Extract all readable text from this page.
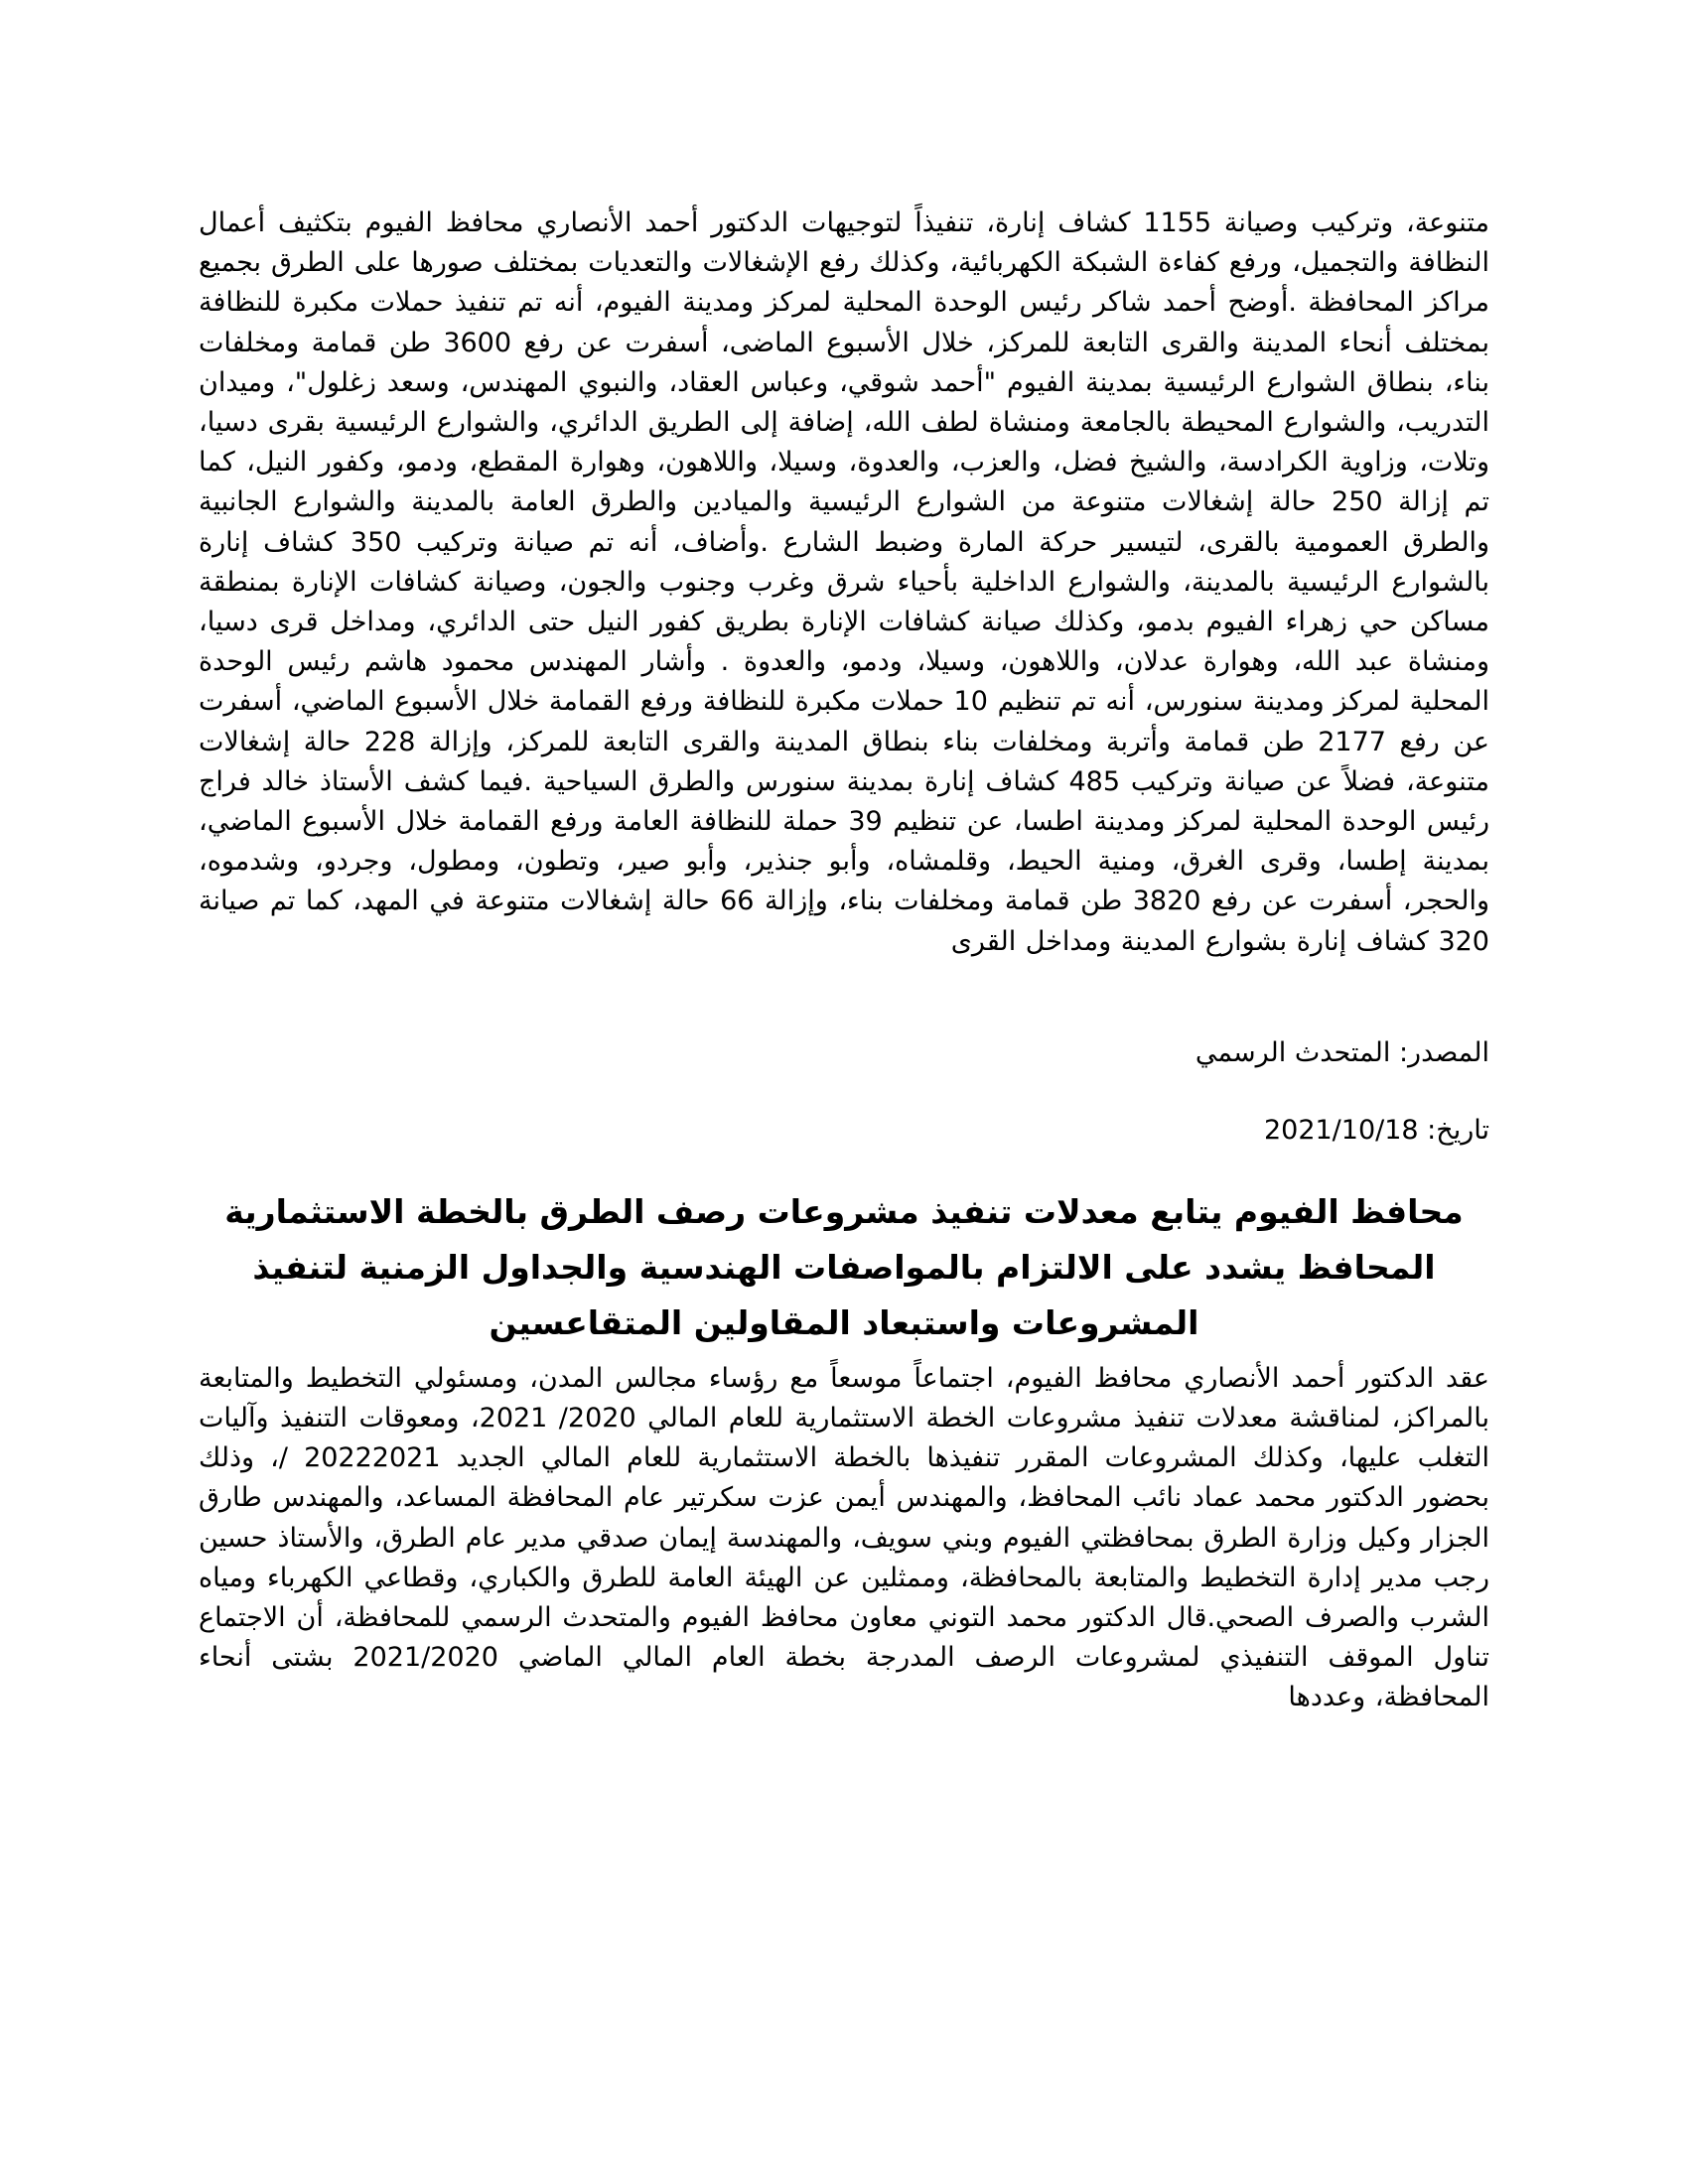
متنوعة، وتركيب وصيانة 1155 كشاف إنارة، تنفيذاً لتوجيهات الدكتور أحمد الأنصاري محافظ الفيوم بتكثيف أعمال النظافة والتجميل، ورفع كفاءة الشبكة الكهربائية، وكذلك رفع الإشغالات والتعديات بمختلف صورها على الطرق بجميع مراكز المحافظة .أوضح أحمد شاكر رئيس الوحدة المحلية لمركز ومدينة الفيوم، أنه تم تنفيذ حملات مكبرة للنظافة بمختلف أنحاء المدينة والقرى التابعة للمركز، خلال الأسبوع الماضى، أسفرت عن رفع 3600 طن قمامة ومخلفات بناء، بنطاق الشوارع الرئيسية بمدينة الفيوم "أحمد شوقي، وعباس العقاد، والنبوي المهندس، وسعد زغلول"، وميدان التدريب، والشوارع المحيطة بالجامعة ومنشاة لطف الله، إضافة إلى الطريق الدائري، والشوارع الرئيسية بقرى دسيا، وتلات، وزاوية الكرادسة، والشيخ فضل، والعزب، والعدوة، وسيلا، واللاهون، وهوارة المقطع، ودمو، وكفور النيل، كما تم إزالة 250 حالة إشغالات متنوعة من الشوارع الرئيسية والميادين والطرق العامة بالمدينة والشوارع الجانبية والطرق العمومية بالقرى، لتيسير حركة المارة وضبط الشارع .وأضاف، أنه تم صيانة وتركيب 350 كشاف إنارة بالشوارع الرئيسية بالمدينة، والشوارع الداخلية بأحياء شرق وغرب وجنوب والجون، وصيانة كشافات الإنارة بمنطقة مساكن حي زهراء الفيوم بدمو، وكذلك صيانة كشافات الإنارة بطريق كفور النيل حتى الدائري، ومداخل قرى دسيا، ومنشاة عبد الله، وهوارة عدلان، واللاهون، وسيلا، ودمو، والعدوة . وأشار المهندس محمود هاشم رئيس الوحدة المحلية لمركز ومدينة سنورس، أنه تم تنظيم 10 حملات مكبرة للنظافة ورفع القمامة خلال الأسبوع الماضي، أسفرت عن رفع 2177 طن قمامة وأتربة ومخلفات بناء بنطاق المدينة والقرى التابعة للمركز، وإزالة 228 حالة إشغالات متنوعة، فضلاً عن صيانة وتركيب 485 كشاف إنارة بمدينة سنورس والطرق السياحية .فيما كشف الأستاذ خالد فراج رئيس الوحدة المحلية لمركز ومدينة اطسا، عن تنظيم 39 حملة للنظافة العامة ورفع القمامة خلال الأسبوع الماضي، بمدينة إطسا، وقرى الغرق، ومنية الحيط، وقلمشاه، وأبو جنذير، وأبو صير، وتطون، ومطول، وجردو، وشدموه، والحجر، أسفرت عن رفع 3820 طن قمامة ومخلفات بناء، وإزالة 66 حالة إشغالات متنوعة في المهد، كما تم صيانة 320 كشاف إنارة بشوارع المدينة ومداخل القرى

المصدر: المتحدث الرسمي

تاريخ: 2021/10/18

محافظ الفيوم يتابع معدلات تنفيذ مشروعات رصف الطرق بالخطة الاستثمارية
المحافظ يشدد على الالتزام بالمواصفات الهندسية والجداول الزمنية لتنفيذ
المشروعات واستبعاد المقاولين المتقاعسين

عقد الدكتور أحمد الأنصاري محافظ الفيوم، اجتماعاً موسعاً مع رؤساء مجالس المدن، ومسئولي التخطيط والمتابعة بالمراكز، لمناقشة معدلات تنفيذ مشروعات الخطة الاستثمارية للعام المالي 2020/ 2021، ومعوقات التنفيذ وآليات التغلب عليها، وكذلك المشروعات المقرر تنفيذها بالخطة الاستثمارية للعام المالي الجديد 20222021 /، وذلك بحضور الدكتور محمد عماد نائب المحافظ، والمهندس أيمن عزت سكرتير عام المحافظة المساعد، والمهندس طارق الجزار وكيل وزارة الطرق بمحافظتي الفيوم وبني سويف، والمهندسة إيمان صدقي مدير عام الطرق، والأستاذ حسين رجب مدير إدارة التخطيط والمتابعة بالمحافظة، وممثلين عن الهيئة العامة للطرق والكباري، وقطاعي الكهرباء ومياه الشرب والصرف الصحي.قال الدكتور محمد التوني معاون محافظ الفيوم والمتحدث الرسمي للمحافظة، أن الاجتماع تناول الموقف التنفيذي لمشروعات الرصف المدرجة بخطة العام المالي الماضي 2021/2020 بشتى أنحاء المحافظة، وعددها
